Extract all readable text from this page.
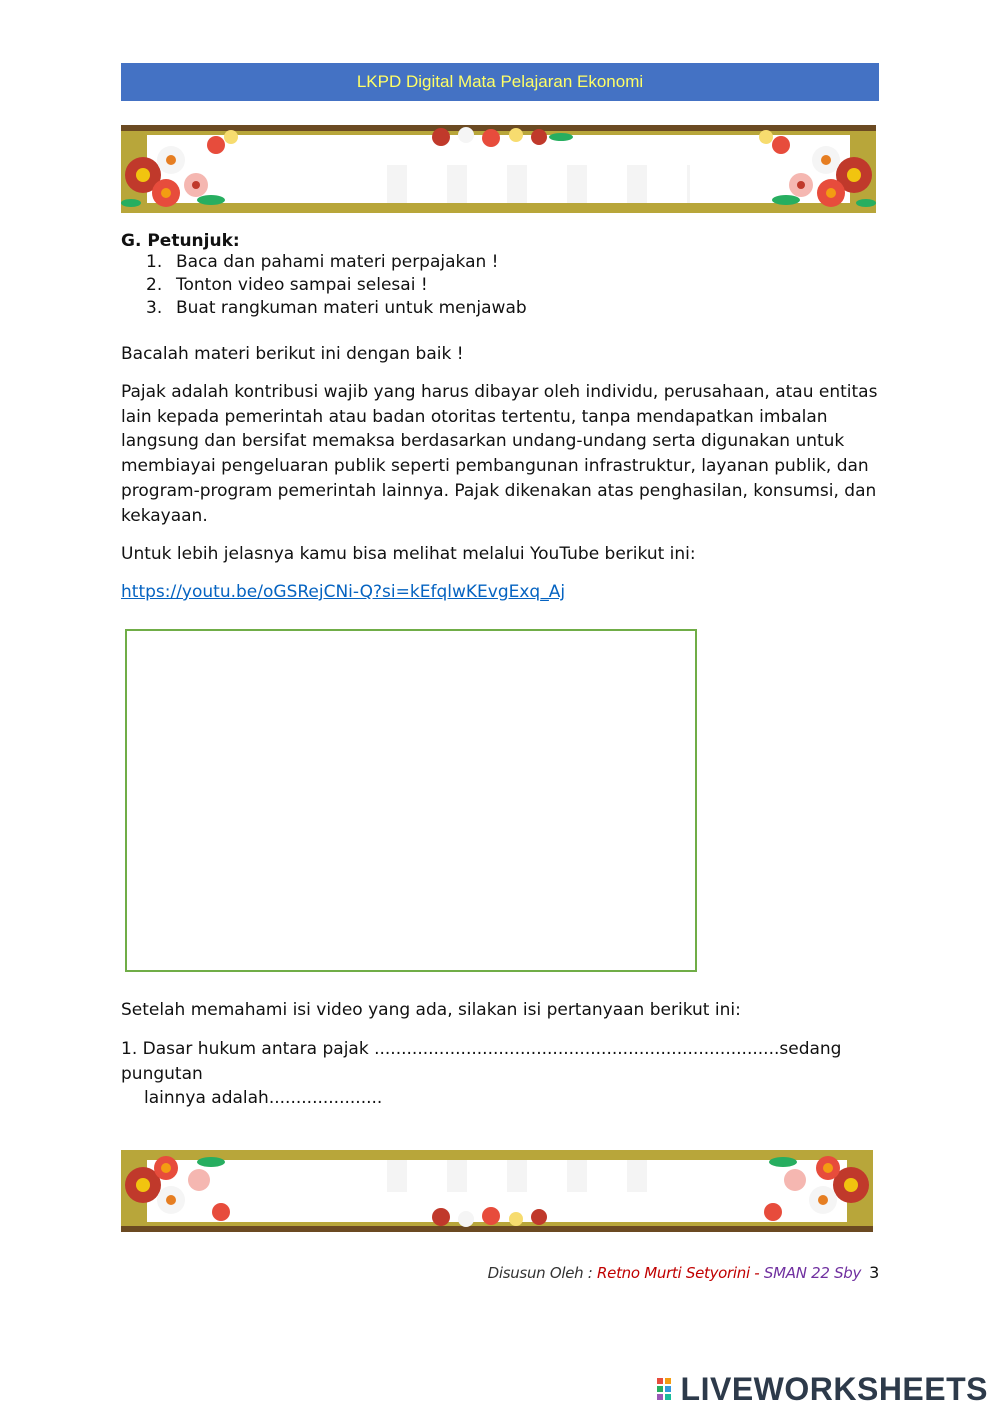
LKPD Digital Mata Pelajaran Ekonomi
G. Petunjuk:
1. Baca dan pahami materi perpajakan !
2. Tonton video sampai selesai !
3. Buat rangkuman materi untuk menjawab
Bacalah materi berikut ini dengan baik !
Pajak adalah kontribusi wajib yang harus dibayar oleh individu, perusahaan, atau entitas lain kepada pemerintah atau badan otoritas tertentu, tanpa mendapatkan imbalan langsung dan bersifat memaksa berdasarkan undang-undang serta digunakan untuk membiayai pengeluaran publik seperti pembangunan infrastruktur, layanan publik, dan program-program pemerintah lainnya. Pajak dikenakan atas penghasilan, konsumsi, dan kekayaan.
Untuk lebih jelasnya kamu bisa melihat melalui YouTube berikut ini:
https://youtu.be/oGSRejCNi-Q?si=kEfqlwKEvgExq_Aj
Setelah memahami isi video yang ada, silakan isi pertanyaan berikut ini:
1. Dasar hukum antara pajak ...........................................................................sedang pungutan
lainnya adalah.....................
Disusun Oleh : Retno Murti Setyorini - SMAN 22 Sby 3
LIVEWORKSHEETS
